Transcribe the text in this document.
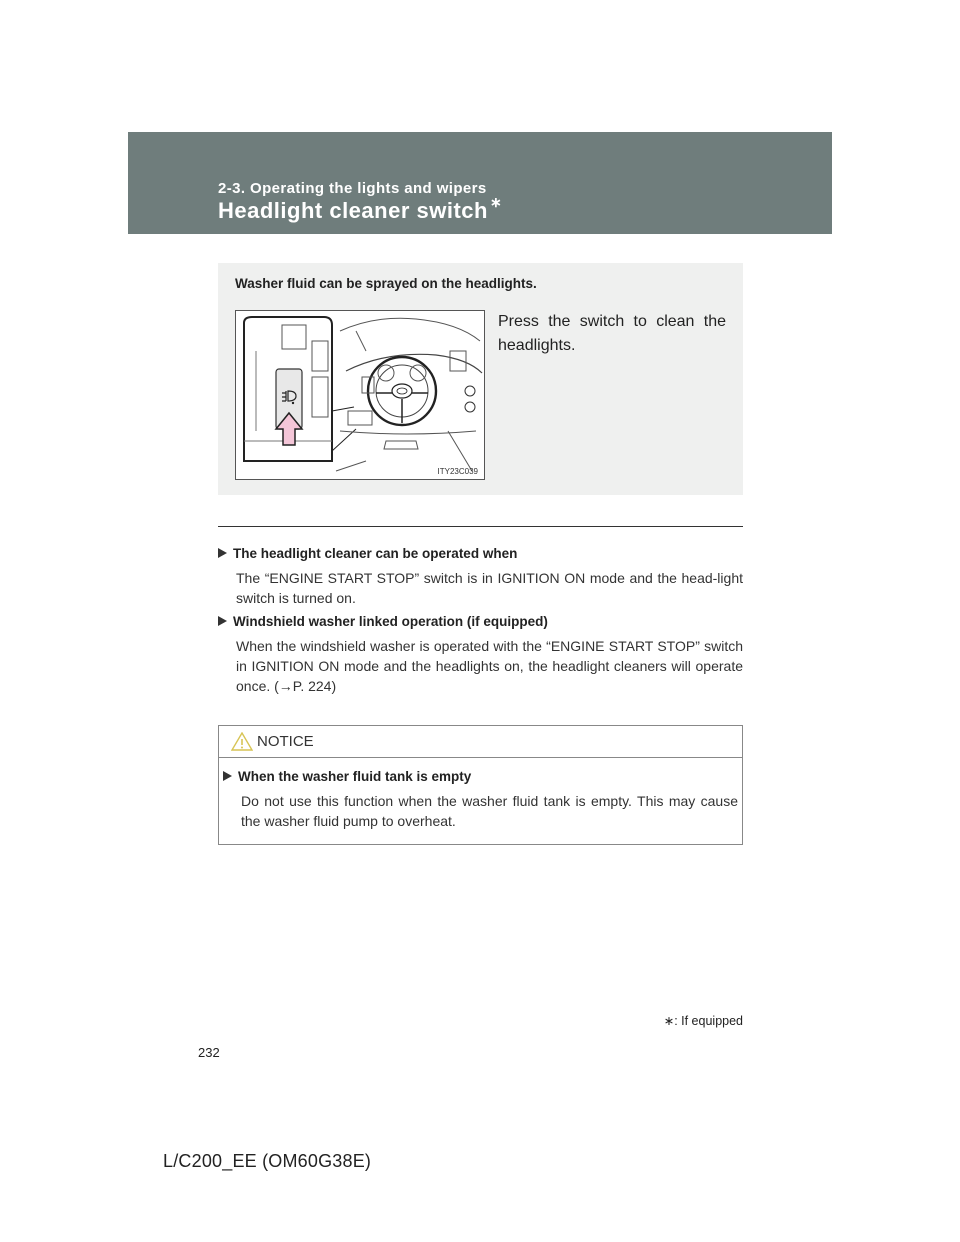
2-3. Operating the lights and wipers
Headlight cleaner switch ∗
Washer fluid can be sprayed on the headlights.
ITY23C039
Press the switch to clean the headlights.
The headlight cleaner can be operated when
The “ENGINE START STOP” switch is in IGNITION ON mode and the head-light switch is turned on.
Windshield washer linked operation (if equipped)
When the windshield washer is operated with the “ENGINE START STOP” switch in IGNITION ON mode and the headlights on, the headlight cleaners will operate once. (→P. 224)
NOTICE
When the washer fluid tank is empty
Do not use this function when the washer fluid tank is empty. This may cause the washer fluid pump to overheat.
∗: If equipped
232
L/C200_EE (OM60G38E)
